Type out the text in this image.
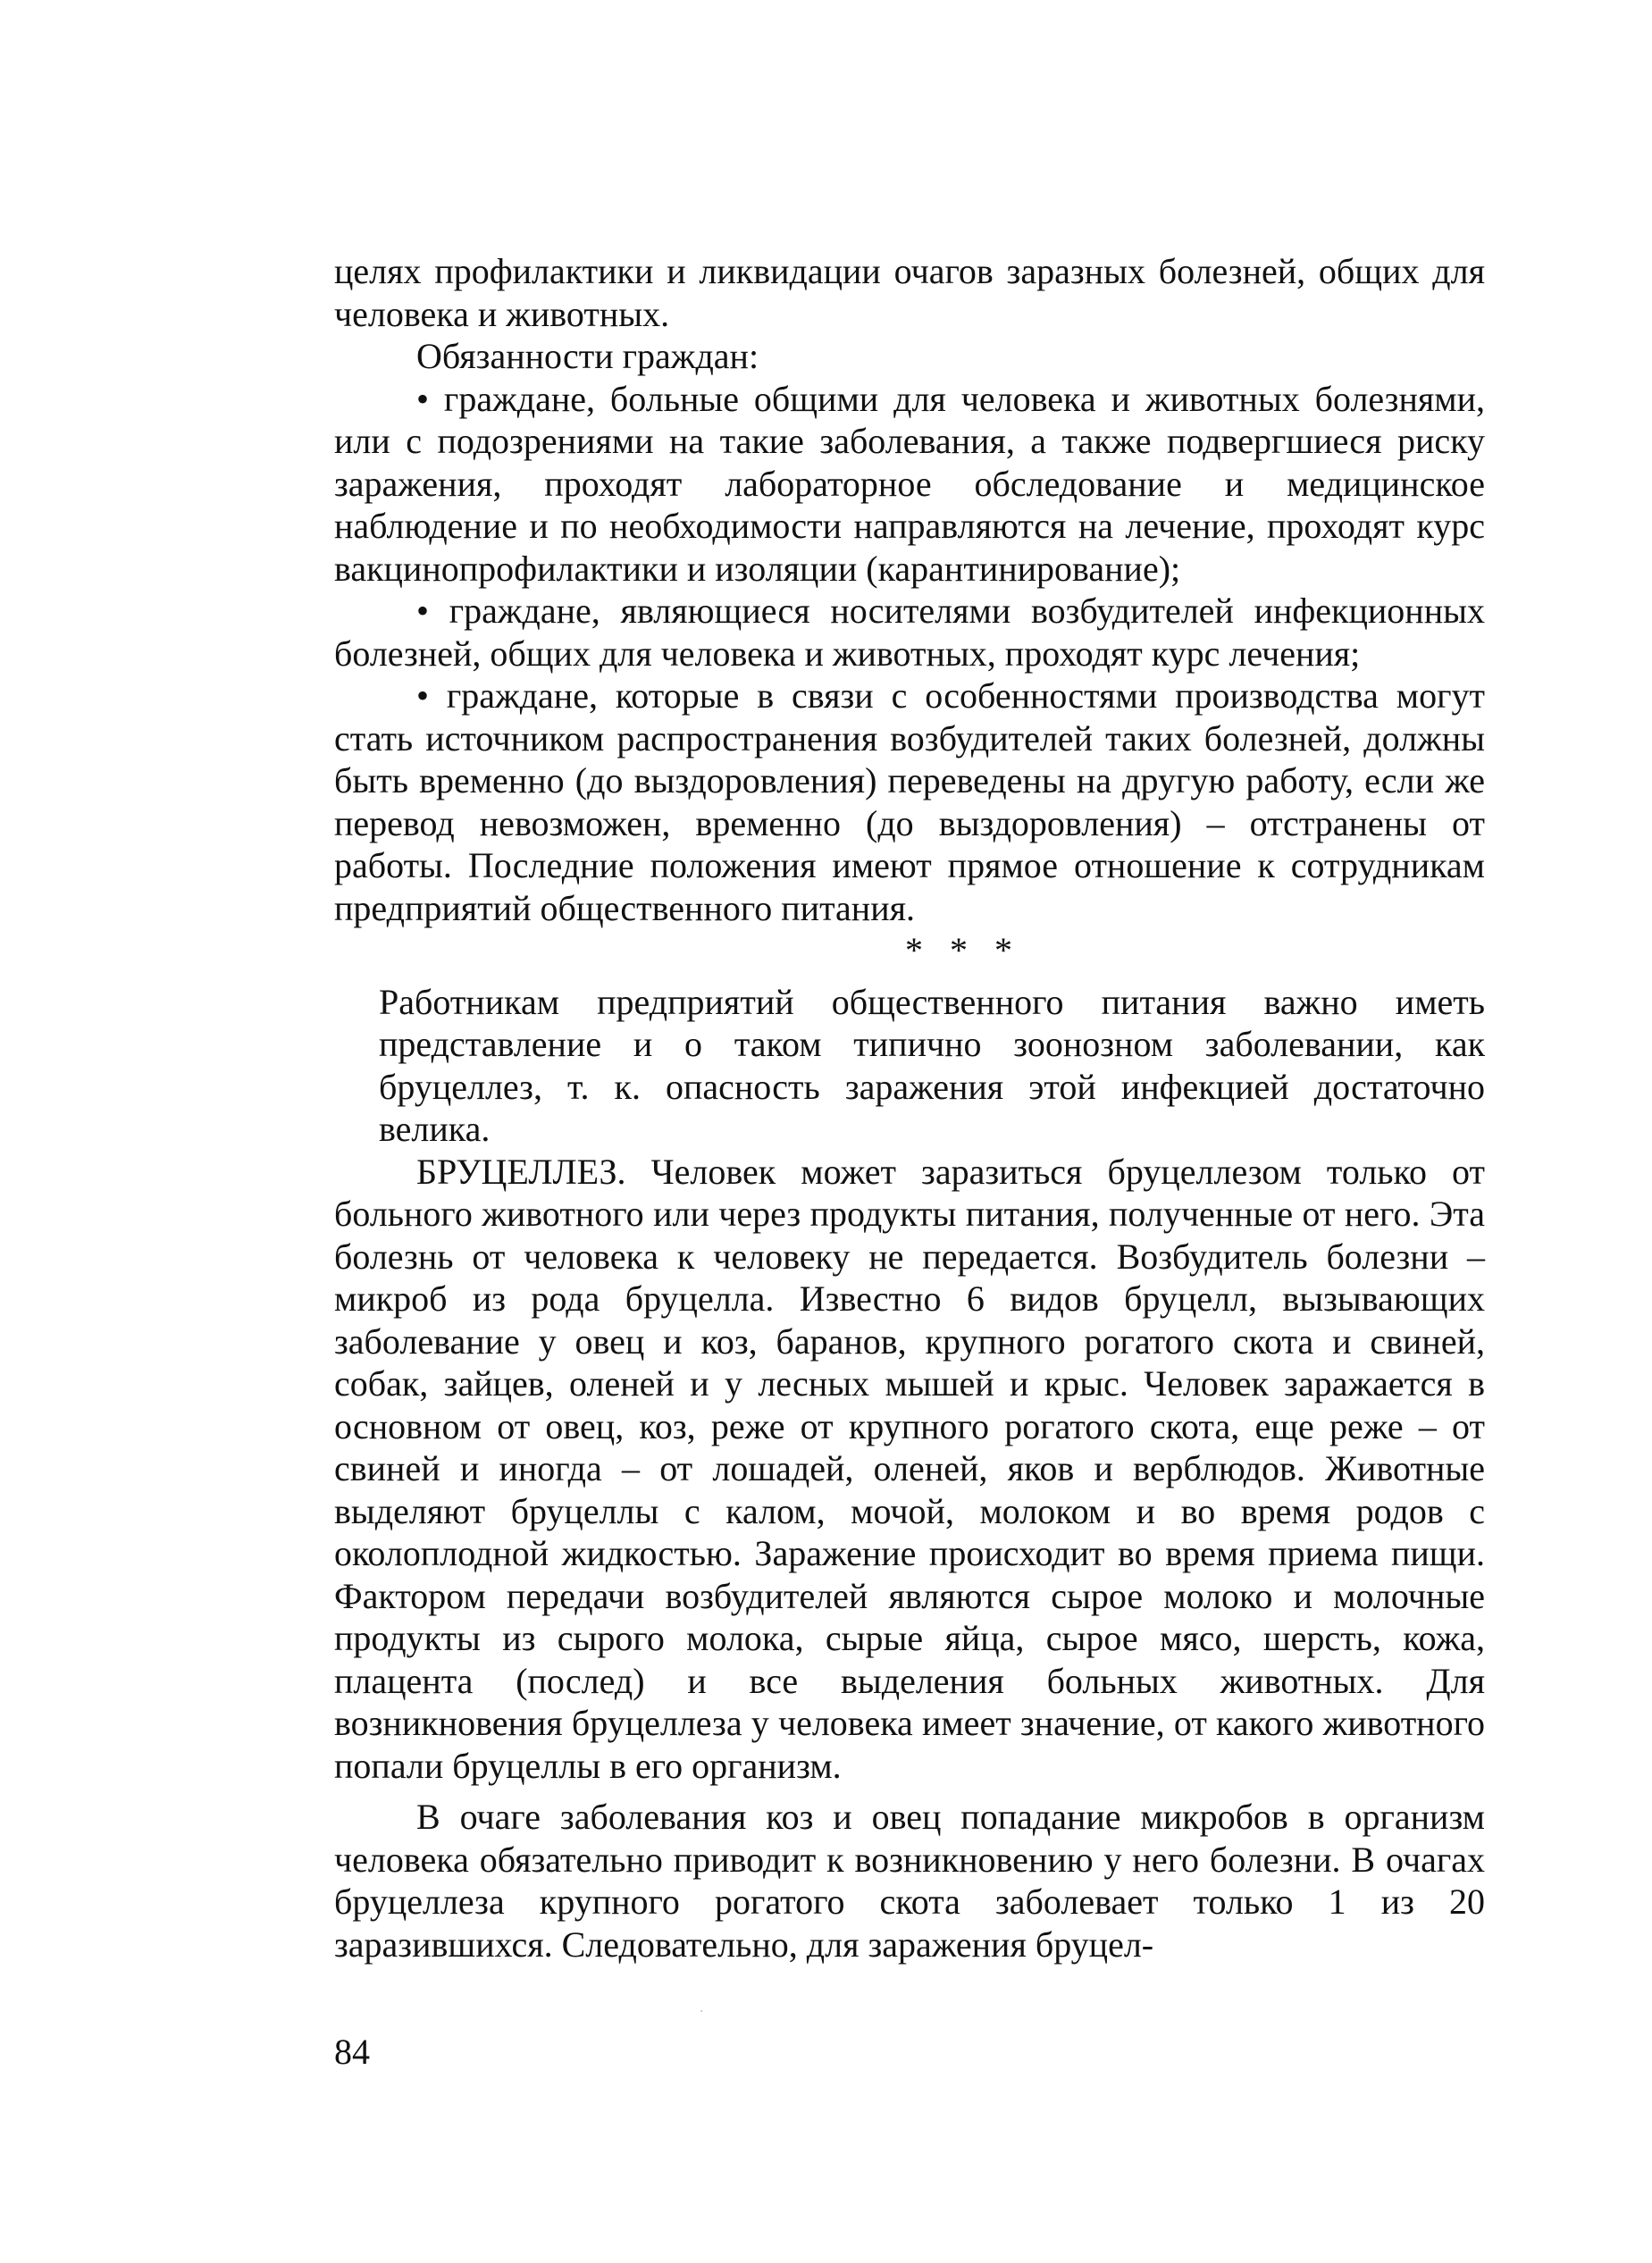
целях профилактики и ликвидации очагов заразных болезней, общих для человека и животных.

Обязанности граждан:

• граждане, больные общими для человека и животных болезнями, или с подозрениями на такие заболевания, а также подвергшиеся риску заражения, проходят лабораторное обследование и медицинское наблюдение и по необходимости направляются на лечение, проходят курс вакцинопрофилактики и изоляции (карантинирование);

• граждане, являющиеся носителями возбудителей инфекционных болезней, общих для человека и животных, проходят курс лечения;

• граждане, которые в связи с особенностями производства могут стать источником распространения возбудителей таких болезней, должны быть временно (до выздоровления) переведены на другую работу, если же перевод невозможен, временно (до выздоровления) – отстранены от работы. Последние положения имеют прямое отношение к сотрудникам предприятий общественного питания.

* * *

Работникам предприятий общественного питания важно иметь представление и о таком типично зоонозном заболевании, как бруцеллез, т. к. опасность заражения этой инфекцией достаточно велика.

БРУЦЕЛЛЕЗ. Человек может заразиться бруцеллезом только от больного животного или через продукты питания, полученные от него. Эта болезнь от человека к человеку не передается. Возбудитель болезни – микроб из рода бруцелла. Известно 6 видов бруцелл, вызывающих заболевание у овец и коз, баранов, крупного рогатого скота и свиней, собак, зайцев, оленей и у лесных мышей и крыс. Человек заражается в основном от овец, коз, реже от крупного рогатого скота, еще реже – от свиней и иногда – от лошадей, оленей, яков и верблюдов. Животные выделяют бруцеллы с калом, мочой, молоком и во время родов с околоплодной жидкостью. Заражение происходит во время приема пищи. Фактором передачи возбудителей являются сырое молоко и молочные продукты из сырого молока, сырые яйца, сырое мясо, шерсть, кожа, плацента (послед) и все выделения больных животных. Для возникновения бруцеллеза у человека имеет значение, от какого животного попали бруцеллы в его организм.

В очаге заболевания коз и овец попадание микробов в организм человека обязательно приводит к возникновению у него болезни. В очагах бруцеллеза крупного рогатого скота заболевает только 1 из 20 заразившихся. Следовательно, для заражения бруцел-

84
